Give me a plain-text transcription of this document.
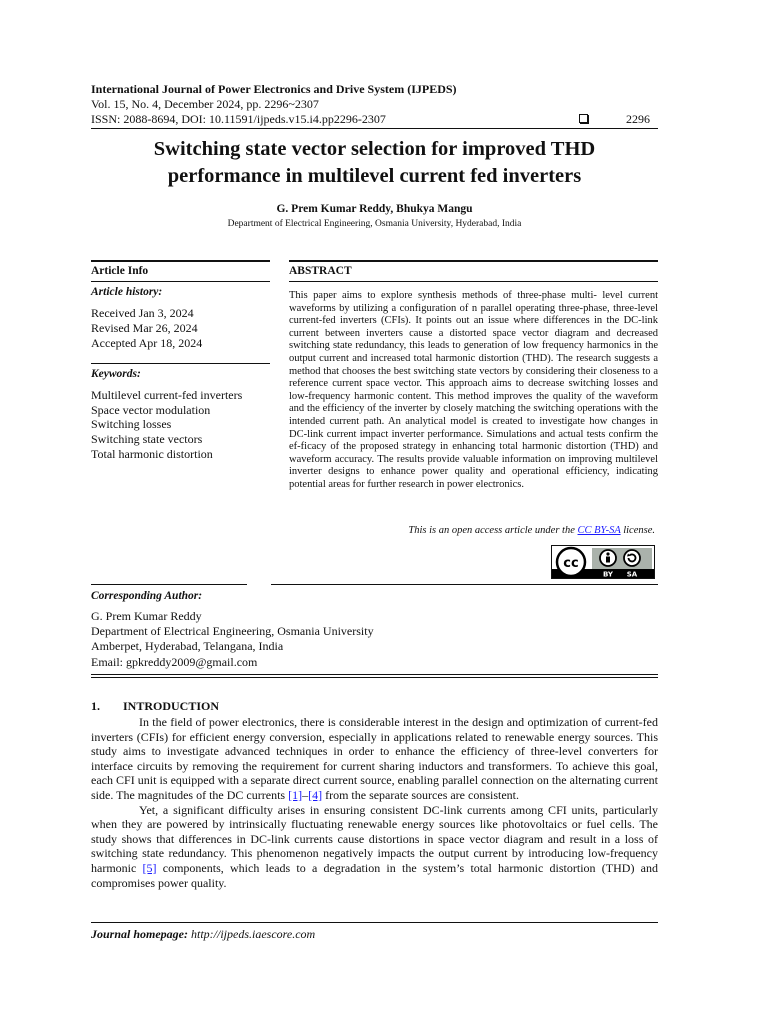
International Journal of Power Electronics and Drive System (IJPEDS)
Vol. 15, No. 4, December 2024, pp. 2296~2307
ISSN: 2088-8694, DOI: 10.11591/ijpeds.v15.i4.pp2296-2307	2296
Switching state vector selection for improved THD
performance in multilevel current fed inverters
G. Prem Kumar Reddy, Bhukya Mangu
Department of Electrical Engineering, Osmania University, Hyderabad, India
Article Info
Article history:
Received Jan 3, 2024
Revised Mar 26, 2024
Accepted Apr 18, 2024
Keywords:
Multilevel current-fed inverters
Space vector modulation
Switching losses
Switching state vectors
Total harmonic distortion
ABSTRACT
This paper aims to explore synthesis methods of three-phase multi- level current waveforms by utilizing a configuration of n parallel operating three-phase, three-level current-fed inverters (CFIs). It points out an issue where differences in the DC-link current between inverters cause a distorted space vector diagram and decreased switching state redundancy, this leads to generation of low frequency harmonics in the output current and increased total harmonic distortion (THD). The research suggests a method that chooses the best switching state vectors by considering their closeness to a reference current space vector. This approach aims to decrease switching losses and low-frequency harmonic content. This method improves the quality of the waveform and the efficiency of the inverter by closely matching the switching operations with the intended current path. An analytical model is created to investigate how changes in DC-link current impact inverter performance. Simulations and actual tests confirm the ef-ficacy of the proposed strategy in enhancing total harmonic distortion (THD) and waveform accuracy. The results provide valuable information on improving multilevel inverter designs to enhance power quality and operational efficiency, indicating potential areas for further research in power electronics.
This is an open access article under the CC BY-SA license.
cc
BY SA
Corresponding Author:
G. Prem Kumar Reddy
Department of Electrical Engineering, Osmania University
Amberpet, Hyderabad, Telangana, India
Email: gpkreddy2009@gmail.com
1. INTRODUCTION

In the field of power electronics, there is considerable interest in the design and optimization of current-fed inverters (CFIs) for efficient energy conversion, especially in applications related to renewable energy sources. This study aims to investigate advanced techniques in order to enhance the efficiency of three-level converters for interface circuits by removing the requirement for current sharing inductors and transformers. To achieve this goal, each CFI unit is equipped with a separate direct current source, enabling parallel connection on the alternating current side. The magnitudes of the DC currents [1]–[4] from the separate sources are consistent.

Yet, a significant difficulty arises in ensuring consistent DC-link currents among CFI units, particularly when they are powered by intrinsically fluctuating renewable energy sources like photovoltaics or fuel cells. The study shows that differences in DC-link currents cause distortions in space vector diagram and result in a loss of switching state redundancy. This phenomenon negatively impacts the output current by introducing low-frequency harmonic [5] components, which leads to a degradation in the system’s total harmonic distortion (THD) and compromises power quality.

Journal homepage: http://ijpeds.iaescore.com
